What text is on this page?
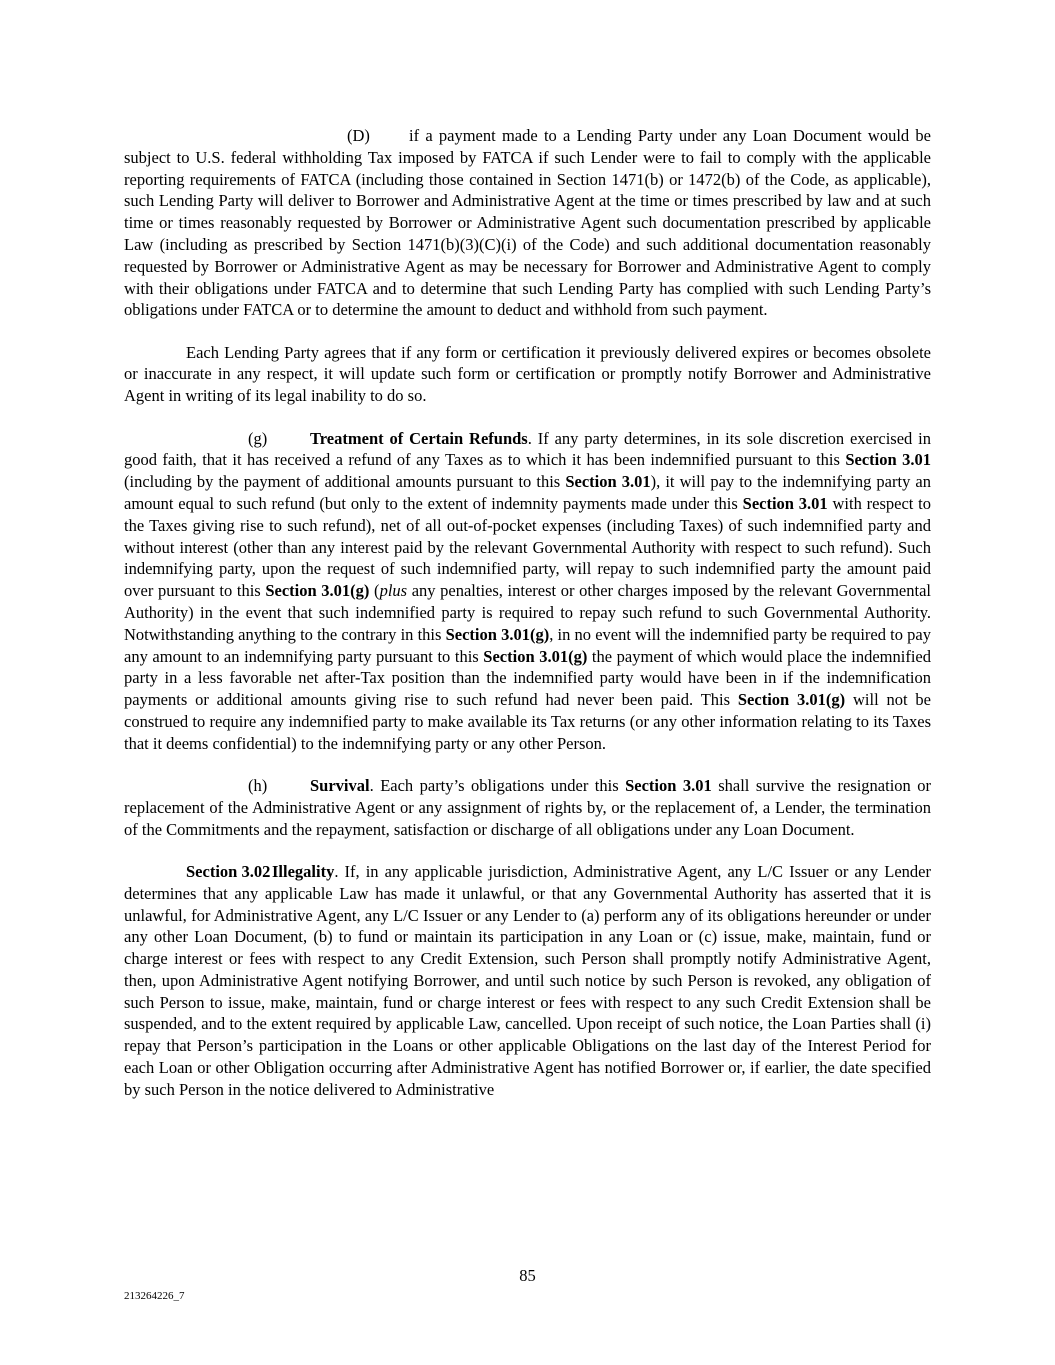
(D) if a payment made to a Lending Party under any Loan Document would be subject to U.S. federal withholding Tax imposed by FATCA if such Lender were to fail to comply with the applicable reporting requirements of FATCA (including those contained in Section 1471(b) or 1472(b) of the Code, as applicable), such Lending Party will deliver to Borrower and Administrative Agent at the time or times prescribed by law and at such time or times reasonably requested by Borrower or Administrative Agent such documentation prescribed by applicable Law (including as prescribed by Section 1471(b)(3)(C)(i) of the Code) and such additional documentation reasonably requested by Borrower or Administrative Agent as may be necessary for Borrower and Administrative Agent to comply with their obligations under FATCA and to determine that such Lending Party has complied with such Lending Party’s obligations under FATCA or to determine the amount to deduct and withhold from such payment.

Each Lending Party agrees that if any form or certification it previously delivered expires or becomes obsolete or inaccurate in any respect, it will update such form or certification or promptly notify Borrower and Administrative Agent in writing of its legal inability to do so.

(g)	Treatment of Certain Refunds. If any party determines, in its sole discretion exercised in good faith, that it has received a refund of any Taxes as to which it has been indemnified pursuant to this Section 3.01 (including by the payment of additional amounts pursuant to this Section 3.01), it will pay to the indemnifying party an amount equal to such refund (but only to the extent of indemnity payments made under this Section 3.01 with respect to the Taxes giving rise to such refund), net of all out-of-pocket expenses (including Taxes) of such indemnified party and without interest (other than any interest paid by the relevant Governmental Authority with respect to such refund). Such indemnifying party, upon the request of such indemnified party, will repay to such indemnified party the amount paid over pursuant to this Section 3.01(g) (plus any penalties, interest or other charges imposed by the relevant Governmental Authority) in the event that such indemnified party is required to repay such refund to such Governmental Authority. Notwithstanding anything to the contrary in this Section 3.01(g), in no event will the indemnified party be required to pay any amount to an indemnifying party pursuant to this Section 3.01(g) the payment of which would place the indemnified party in a less favorable net after-Tax position than the indemnified party would have been in if the indemnification payments or additional amounts giving rise to such refund had never been paid. This Section 3.01(g) will not be construed to require any indemnified party to make available its Tax returns (or any other information relating to its Taxes that it deems confidential) to the indemnifying party or any other Person.

(h)	Survival. Each party’s obligations under this Section 3.01 shall survive the resignation or replacement of the Administrative Agent or any assignment of rights by, or the replacement of, a Lender, the termination of the Commitments and the repayment, satisfaction or discharge of all obligations under any Loan Document.

Section 3.02 Illegality. If, in any applicable jurisdiction, Administrative Agent, any L/C Issuer or any Lender determines that any applicable Law has made it unlawful, or that any Governmental Authority has asserted that it is unlawful, for Administrative Agent, any L/C Issuer or any Lender to (a) perform any of its obligations hereunder or under any other Loan Document, (b) to fund or maintain its participation in any Loan or (c) issue, make, maintain, fund or charge interest or fees with respect to any Credit Extension, such Person shall promptly notify Administrative Agent, then, upon Administrative Agent notifying Borrower, and until such notice by such Person is revoked, any obligation of such Person to issue, make, maintain, fund or charge interest or fees with respect to any such Credit Extension shall be suspended, and to the extent required by applicable Law, cancelled. Upon receipt of such notice, the Loan Parties shall (i) repay that Person’s participation in the Loans or other applicable Obligations on the last day of the Interest Period for each Loan or other Obligation occurring after Administrative Agent has notified Borrower or, if earlier, the date specified by such Person in the notice delivered to Administrative

85
213264226_7
